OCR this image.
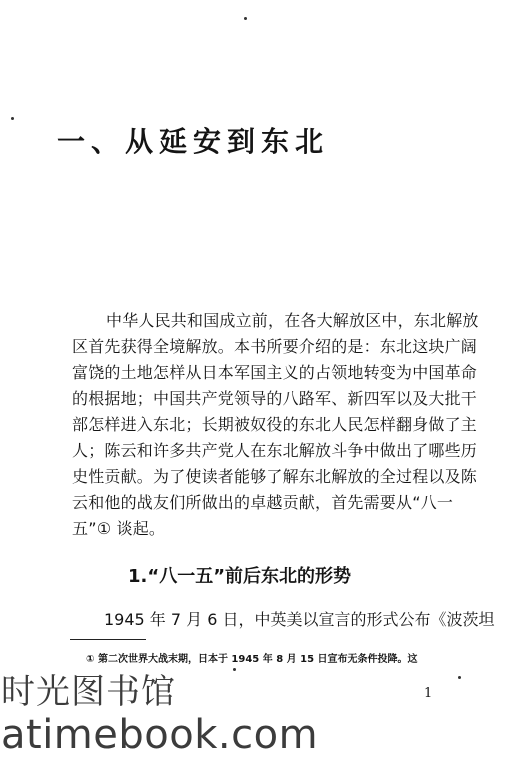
一、从延安到东北

中华人民共和国成立前，在各大解放区中，东北解放
区首先获得全境解放。本书所要介绍的是：东北这块广阔
富饶的土地怎样从日本军国主义的占领地转变为中国革命
的根据地；中国共产党领导的八路军、新四军以及大批干
部怎样进入东北；长期被奴役的东北人民怎样翻身做了主
人；陈云和许多共产党人在东北解放斗争中做出了哪些历
史性贡献。为了使读者能够了解东北解放的全过程以及陈
云和他的战友们所做出的卓越贡献，首先需要从“八一
五”① 谈起。

1.“八一五”前后东北的形势
1945 年 7 月 6 日，中英美以宣言的形式公布《波茨坦
① 第二次世界大战末期，日本于 1945 年 8 月 15 日宣布无条件投降。这
1
时光图书馆
atimebook.com
